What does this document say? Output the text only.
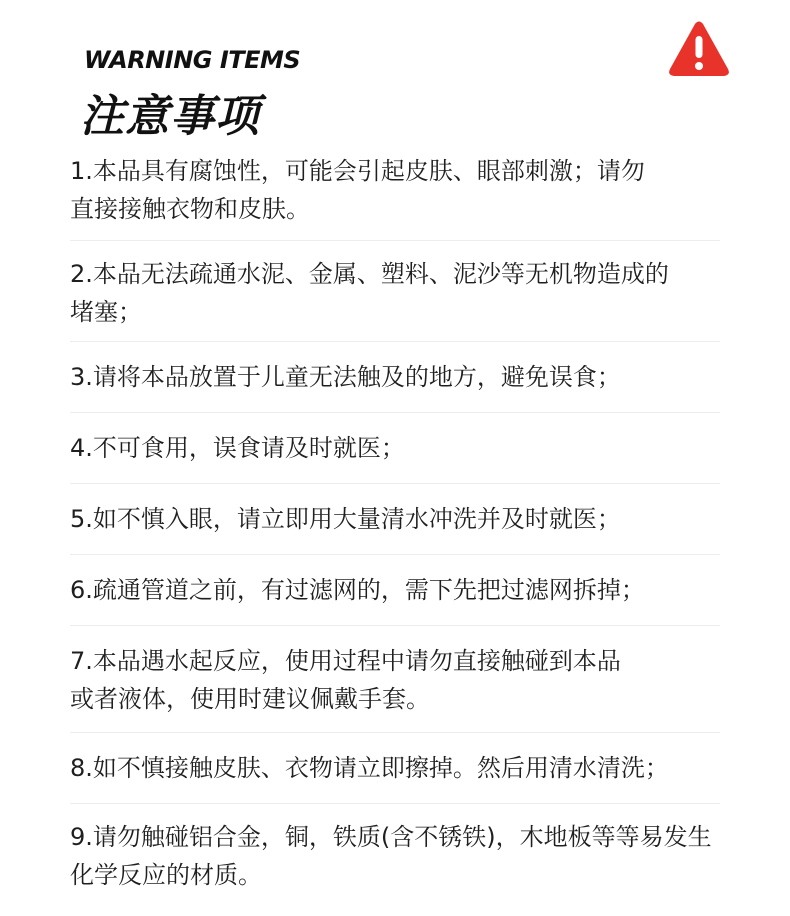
WARNING ITEMS
注意事项
1.本品具有腐蚀性，可能会引起皮肤、眼部刺激；请勿
直接接触衣物和皮肤。
2.本品无法疏通水泥、金属、塑料、泥沙等无机物造成的
堵塞；
3.请将本品放置于儿童无法触及的地方，避免误食；
4.不可食用，误食请及时就医；
5.如不慎入眼，请立即用大量清水冲洗并及时就医；
6.疏通管道之前，有过滤网的，需下先把过滤网拆掉；
7.本品遇水起反应，使用过程中请勿直接触碰到本品
或者液体，使用时建议佩戴手套。
8.如不慎接触皮肤、衣物请立即擦掉。然后用清水清洗；
9.请勿触碰铝合金，铜，铁质(含不锈铁)，木地板等等易发生
化学反应的材质。
